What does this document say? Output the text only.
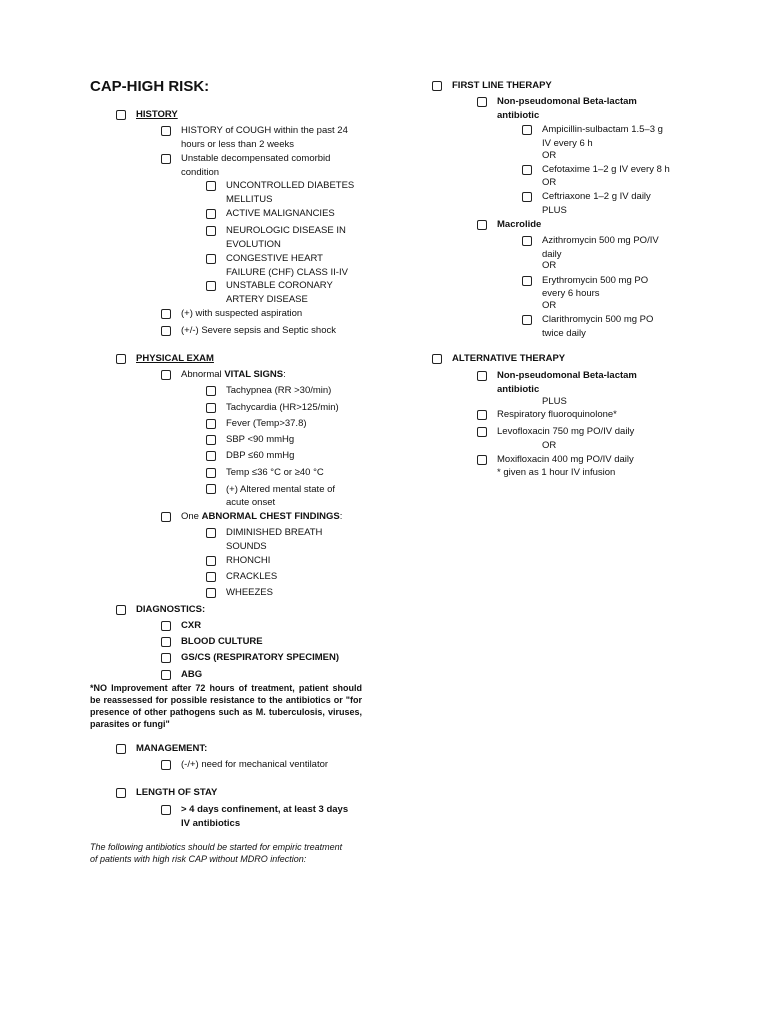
CAP-HIGH RISK:
HISTORY
HISTORY of COUGH within the past 24
hours or less than 2 weeks
Unstable decompensated comorbid
condition
UNCONTROLLED DIABETES
MELLITUS
ACTIVE MALIGNANCIES
NEUROLOGIC DISEASE IN
EVOLUTION
CONGESTIVE HEART
FAILURE (CHF) CLASS II-IV
UNSTABLE CORONARY
ARTERY DISEASE
(+) with suspected aspiration
(+/-) Severe sepsis and Septic shock
PHYSICAL EXAM
Abnormal VITAL SIGNS:
Tachypnea (RR >30/min)
Tachycardia (HR>125/min)
Fever (Temp>37.8)
SBP <90 mmHg
DBP ≤60 mmHg
Temp ≤36 °C or ≥40 °C
(+) Altered mental state of
acute onset
One ABNORMAL CHEST FINDINGS:
DIMINISHED BREATH
SOUNDS
RHONCHI
CRACKLES
WHEEZES
DIAGNOSTICS:
CXR
BLOOD CULTURE
GS/CS (RESPIRATORY SPECIMEN)
ABG
*NO Improvement after 72 hours of treatment, patient should be reassessed for possible resistance to the antibiotics or "for presence of other pathogens such as M. tuberculosis, viruses, parasites or fungi"
MANAGEMENT:
(-/+) need for mechanical ventilator
LENGTH OF STAY
> 4 days confinement, at least 3 days
IV antibiotics
The following antibiotics should be started for empiric treatment of patients with high risk CAP without MDRO infection:
FIRST LINE THERAPY
Non-pseudomonal Beta-lactam
antibiotic
Ampicillin-sulbactam 1.5–3 g
IV every 6 h
OR
Cefotaxime 1–2 g IV every 8 h
OR
Ceftriaxone 1–2 g IV daily
PLUS
Macrolide
Azithromycin 500 mg PO/IV
daily
OR
Erythromycin 500 mg PO
every 6 hours
OR
Clarithromycin 500 mg PO
twice daily
ALTERNATIVE THERAPY
Non-pseudomonal Beta-lactam
antibiotic
PLUS
Respiratory fluoroquinolone*
Levofloxacin 750 mg PO/IV daily
OR
Moxifloxacin 400 mg PO/IV daily
* given as 1 hour IV infusion
